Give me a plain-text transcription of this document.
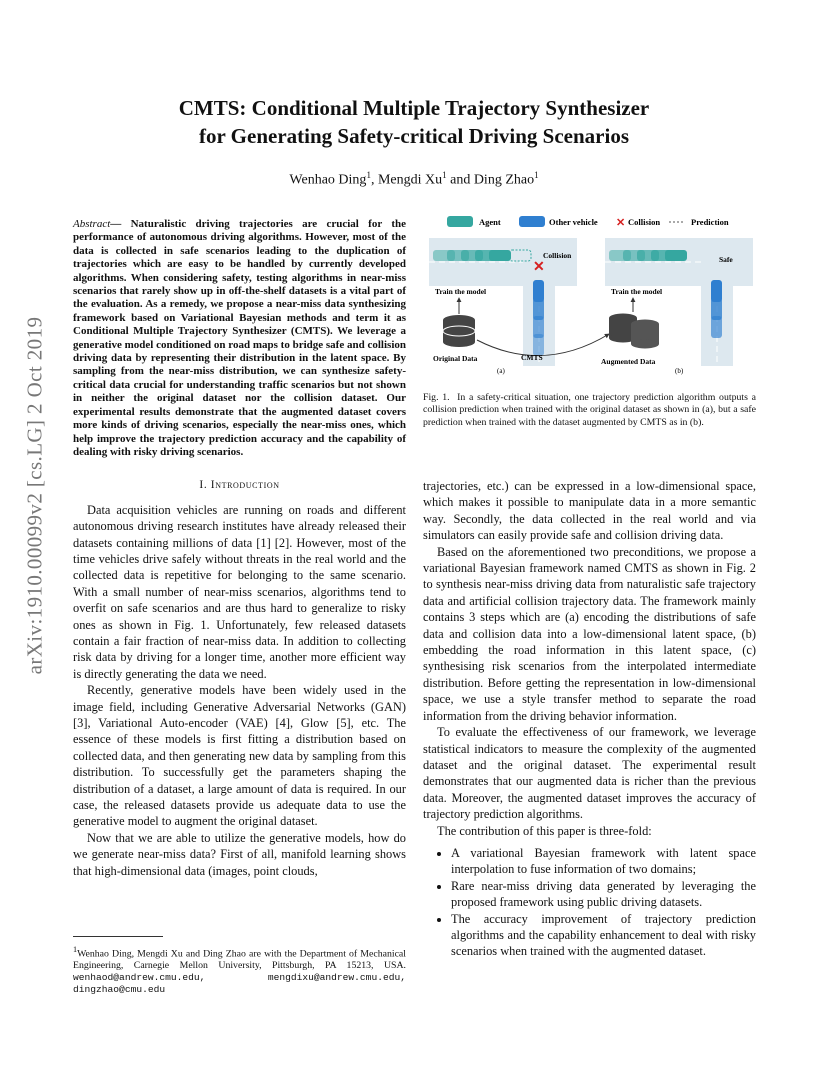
arXiv:1910.00099v2 [cs.LG] 2 Oct 2019
CMTS: Conditional Multiple Trajectory Synthesizer
for Generating Safety-critical Driving Scenarios
Wenhao Ding$^1$, Mengdi Xu$^1$ and Ding Zhao$^1$
Abstract— Naturalistic driving trajectories are crucial for the performance of autonomous driving algorithms. However, most of the data is collected in safe scenarios leading to the duplication of trajectories which are easy to be handled by currently developed algorithms. When considering safety, testing algorithms in near-miss scenarios that rarely show up in off-the-shelf datasets is a vital part of the evaluation. As a remedy, we propose a near-miss data synthesizing framework based on Variational Bayesian methods and term it as Conditional Multiple Trajectory Synthesizer (CMTS). We leverage a generative model conditioned on road maps to bridge safe and collision driving data by representing their distribution in the latent space. By sampling from the near-miss distribution, we can synthesize safety-critical data crucial for understanding traffic scenarios but not shown in neither the original dataset nor the collision dataset. Our experimental results demonstrate that the augmented dataset covers more kinds of driving scenarios, especially the near-miss ones, which help improve the trajectory prediction accuracy and the capability of dealing with risky driving scenarios.
I. Introduction

Data acquisition vehicles are running on roads and different autonomous driving research institutes have already released their datasets containing millions of data [1] [2]. However, most of the time vehicles drive safely without threats in the real world and the collected data is repetitive for belonging to the same scenario. With a small number of near-miss scenarios, algorithms tend to overfit on safe scenarios and are thus hard to generalize to risky ones as shown in Fig. 1. Unfortunately, few released datasets contain a fair fraction of near-miss data. In addition to collecting risk data by driving for a longer time, another more efficient way is directly generating the data we need.

Recently, generative models have been widely used in the image field, including Generative Adversarial Networks (GAN) [3], Variational Auto-encoder (VAE) [4], Glow [5], etc. The essence of these models is first fitting a distribution based on collected data, and then generating new data by sampling from this distribution. To successfully get the parameters shaping the distribution of a dataset, a large amount of data is required. In our case, the released datasets provide us adequate data to use the generative model to augment the original dataset.

Now that we are able to utilize the generative models, how do we generate near-miss data? First of all, manifold learning shows that high-dimensional data (images, point clouds,

$^1$Wenhao Ding, Mengdi Xu and Ding Zhao are with the Department of Mechanical Engineering, Carnegie Mellon University, Pittsburgh, PA 15213, USA. wenhaod@andrew.cmu.edu,	mengdixu@andrew.cmu.edu, dingzhao@cmu.edu
Agent	Other vehicle ✕ Collision	Prediction
✕
Collision
Train the model
Original Data	CMTS
(a)
Safe
Train the model
Augmented Data
(b)
Fig. 1. In a safety-critical situation, one trajectory prediction algorithm outputs a collision prediction when trained with the original dataset as shown in (a), but a safe prediction when trained with the dataset augmented by CMTS as in (b).

trajectories, etc.) can be expressed in a low-dimensional space, which makes it possible to manipulate data in a more semantic way. Secondly, the data collected in the real world and via simulators can easily provide safe and collision driving data.

Based on the aforementioned two preconditions, we propose a variational Bayesian framework named CMTS as shown in Fig. 2 to synthesis near-miss driving data from naturalistic safe trajectory data and artificial collision trajectory data. The framework mainly contains 3 steps which are (a) encoding the distributions of safe data and collision data into a low-dimensional latent space, (b) embedding the road information in this latent space, (c) synthesising risk scenarios from the interpolated intermediate distribution. Before getting the representation in low-dimensional space, we use a style transfer method to separate the road information from the driving behavior information.

To evaluate the effectiveness of our framework, we leverage statistical indicators to measure the complexity of the augmented dataset and the original dataset. The experimental result demonstrates that our augmented data is richer than the previous data. Moreover, the augmented dataset improves the accuracy of trajectory prediction algorithms.

The contribution of this paper is three-fold:

• A variational Bayesian framework with latent space interpolation to fuse information of two domains;
• Rare near-miss driving data generated by leveraging the proposed framework using public driving datasets.
• The accuracy improvement of trajectory prediction algorithms and the capability enhancement to deal with risky scenarios when trained with the augmented dataset.
